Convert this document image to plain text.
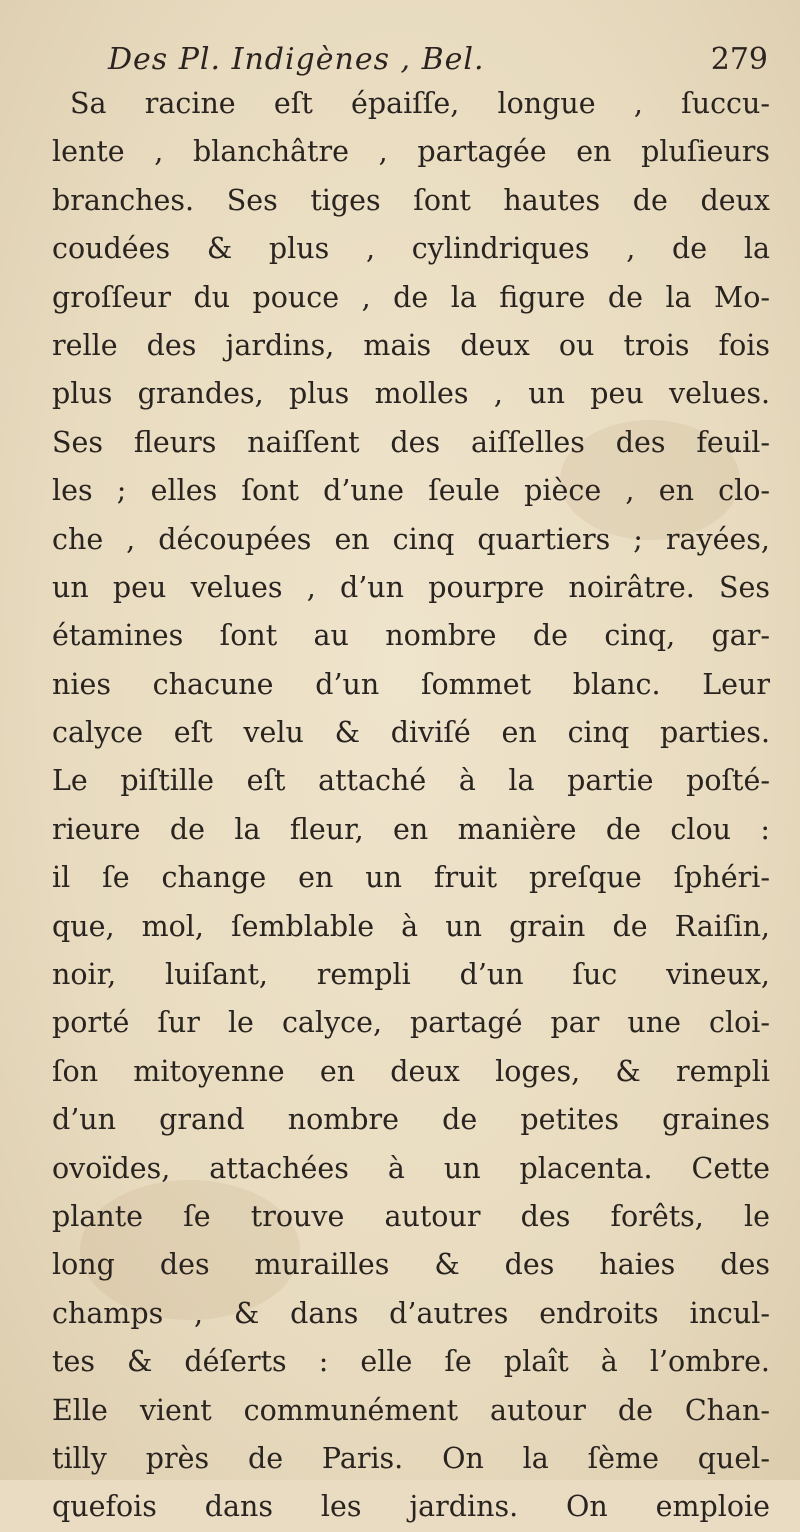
Des Pl. Indigènes , Bel.	279
Sa racine eſt épaiſſe, longue , ſuccu-
lente , blanchâtre , partagée en pluſieurs
branches. Ses tiges ſont hautes de deux
coudées & plus , cylindriques , de la
groſſeur du pouce , de la figure de la Mo-
relle des jardins, mais deux ou trois fois
plus grandes, plus molles , un peu velues.
Ses fleurs naiſſent des aiſſelles des feuil-
les ; elles ſont d’une ſeule pièce , en clo-
che , découpées en cinq quartiers ; rayées,
un peu velues , d’un pourpre noirâtre. Ses
étamines ſont au nombre de cinq, gar-
nies chacune d’un ſommet blanc. Leur
calyce eſt velu & diviſé en cinq parties.
Le piſtille eſt attaché à la partie poſté-
rieure de la fleur, en manière de clou :
il ſe change en un fruit preſque ſphéri-
que, mol, ſemblable à un grain de Raiſin,
noir, luiſant, rempli d’un ſuc vineux,
porté ſur le calyce, partagé par une cloi-
ſon mitoyenne en deux loges, & rempli
d’un grand nombre de petites graines
ovoïdes, attachées à un placenta. Cette
plante ſe trouve autour des forêts, le
long des murailles & des haies des
champs , & dans d’autres endroits incul-
tes & déſerts : elle ſe plaît à l’ombre.
Elle vient communément autour de Chan-
tilly près de Paris. On la ſème quel-
quefois dans les jardins. On emploie
